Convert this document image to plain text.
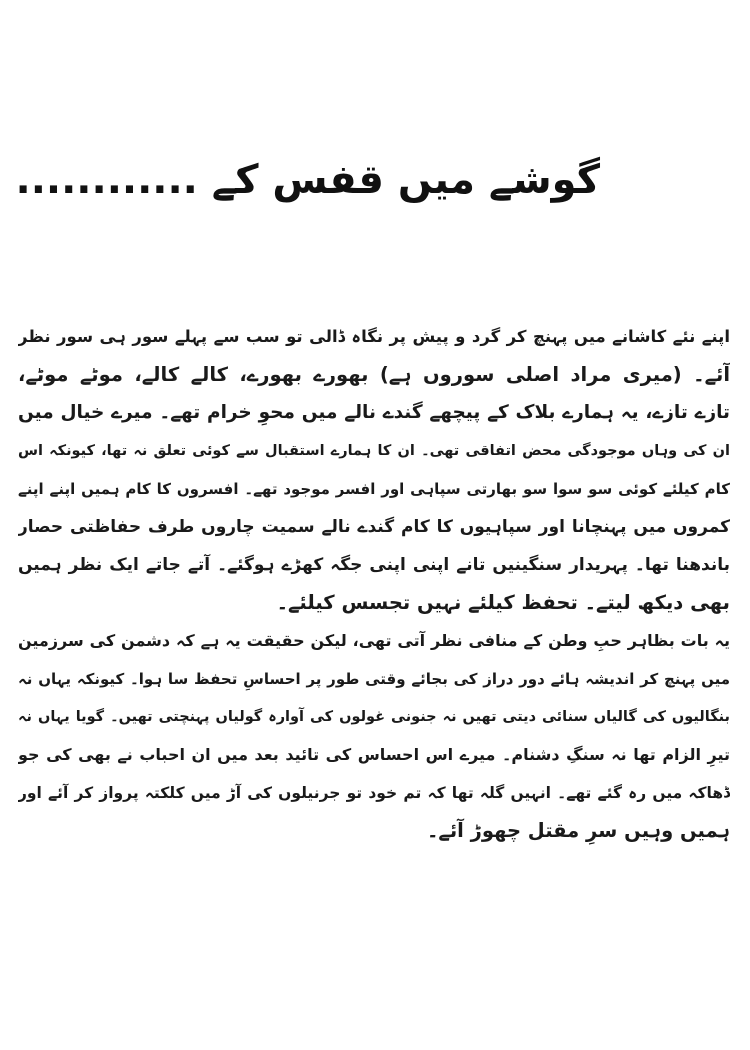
گوشے میں قفس کے ............
اپنے نئے کاشانے میں پہنچ کر گرد و پیش پر نگاہ ڈالی تو سب سے پہلے سور ہی سور نظر
آئے۔ (میری مراد اصلی سوروں ہے) بھورے بھورے، کالے کالے، موٹے موٹے،
تازے تازے، یہ ہمارے بلاک کے پیچھے گندے نالے میں محوِ خرام تھے۔ میرے خیال میں
ان کی وہاں موجودگی محض اتفاقی تھی۔ ان کا ہمارے استقبال سے کوئی تعلق نہ تھا، کیونکہ اس
کام کیلئے کوئی سو سوا سو بھارتی سپاہی اور افسر موجود تھے۔ افسروں کا کام ہمیں اپنے اپنے
کمروں میں پہنچانا اور سپاہیوں کا کام گندے نالے سمیت چاروں طرف حفاظتی حصار
باندھنا تھا۔ پہریدار سنگینیں تانے اپنی اپنی جگہ کھڑے ہوگئے۔ آتے جاتے ایک نظر ہمیں
بھی دیکھ لیتے۔ تحفظ کیلئے نہیں تجسس کیلئے۔
یہ بات بظاہر حبِ وطن کے منافی نظر آتی تھی، لیکن حقیقت یہ ہے کہ دشمن کی سرزمین
میں پہنچ کر اندیشہ ہائے دور دراز کی بجائے وقتی طور پر احساسِ تحفظ سا ہوا۔ کیونکہ یہاں نہ
بنگالیوں کی گالیاں سنائی دیتی تھیں نہ جنونی غولوں کی آوارہ گولیاں پہنچتی تھیں۔ گویا یہاں نہ
تیرِ الزام تھا نہ سنگِ دشنام۔ میرے اس احساس کی تائید بعد میں ان احباب نے بھی کی جو
ڈھاکہ میں رہ گئے تھے۔ انہیں گلہ تھا کہ تم خود تو جرنیلوں کی آڑ میں کلکتہ پرواز کر آئے اور
ہمیں وہیں سرِ مقتل چھوڑ آئے۔
